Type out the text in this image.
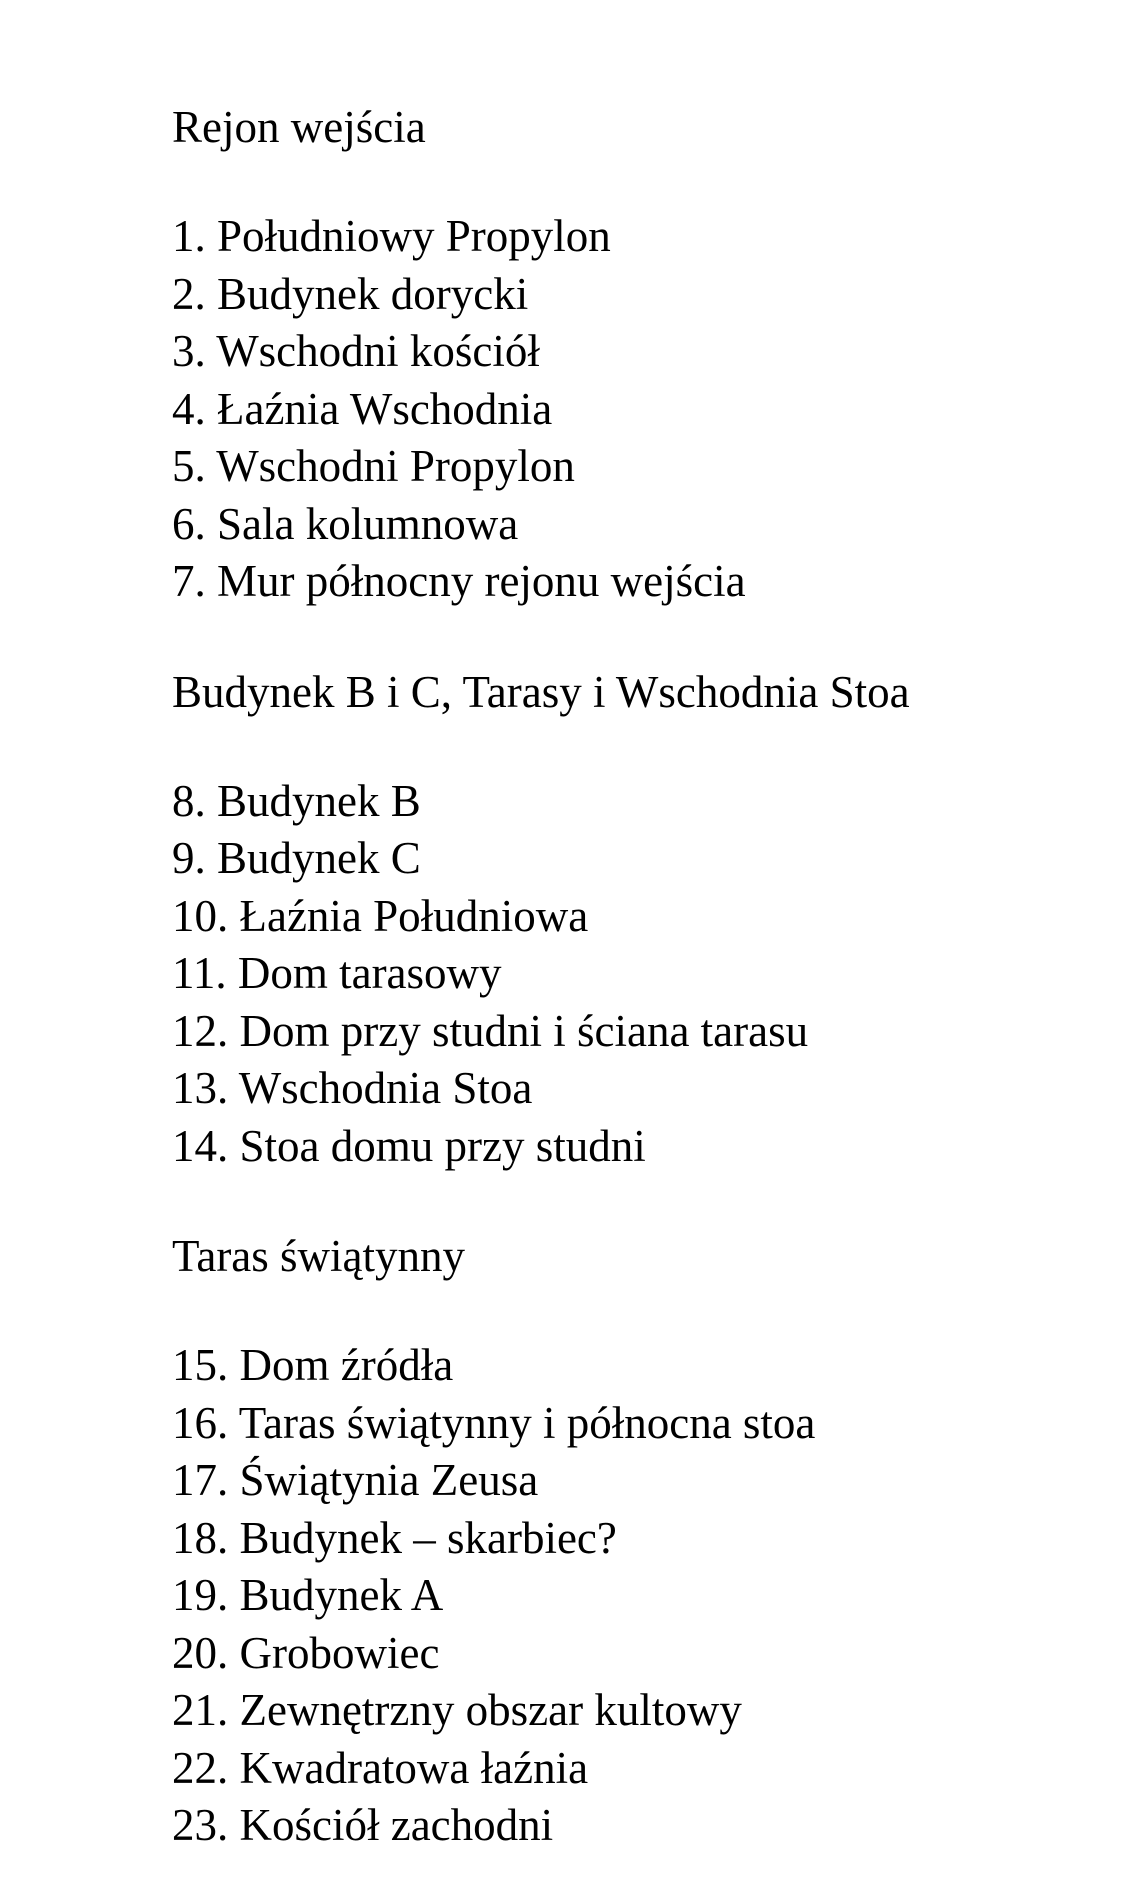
Rejon wejścia
1. Południowy Propylon
2. Budynek dorycki
3. Wschodni kościół
4. Łaźnia Wschodnia
5. Wschodni Propylon
6. Sala kolumnowa
7. Mur północny rejonu wejścia
Budynek B i C, Tarasy i Wschodnia Stoa
8. Budynek B
9. Budynek C
10. Łaźnia Południowa
11. Dom tarasowy
12. Dom przy studni i ściana tarasu
13. Wschodnia Stoa
14. Stoa domu przy studni
Taras świątynny
15. Dom źródła
16. Taras świątynny i północna stoa
17. Świątynia Zeusa
18. Budynek – skarbiec?
19. Budynek A
20. Grobowiec
21. Zewnętrzny obszar kultowy
22. Kwadratowa łaźnia
23. Kościół zachodni
